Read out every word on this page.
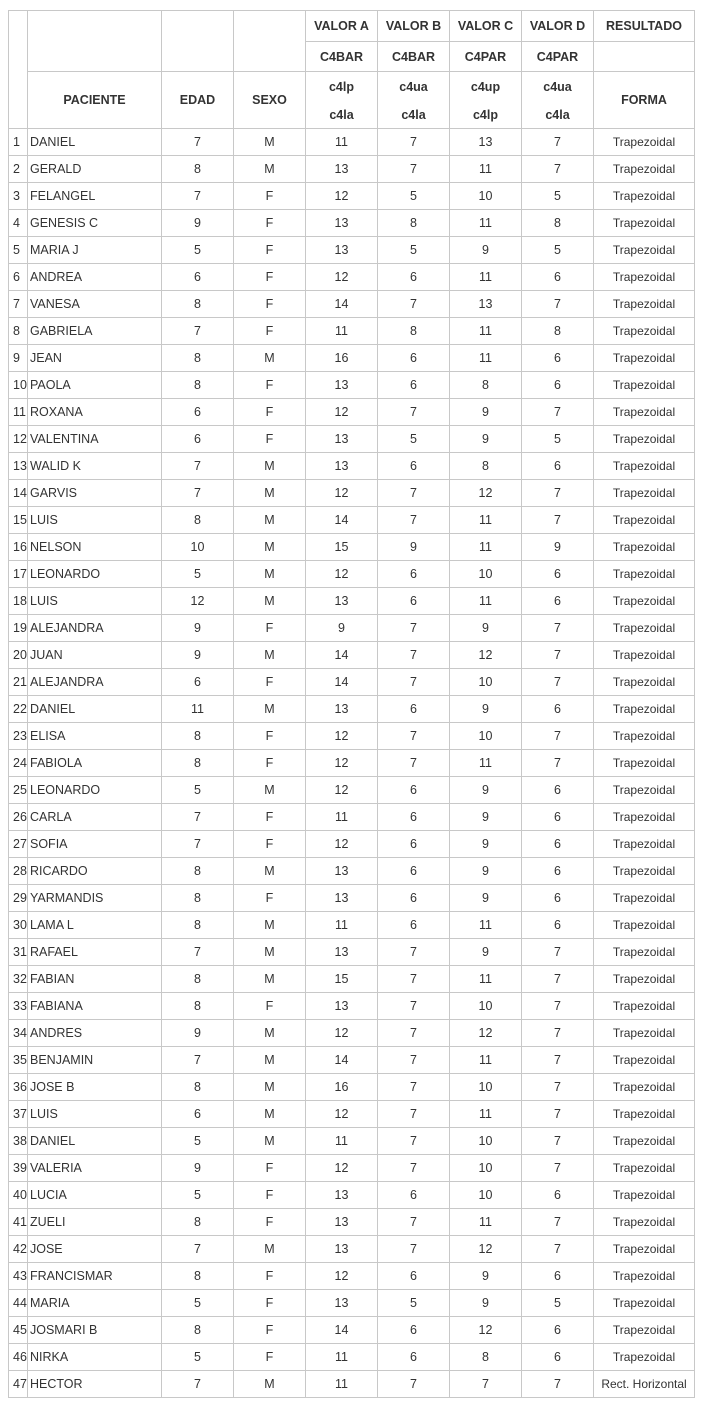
				VALOR A	VALOR B	VALOR C	VALOR D	RESULTADO
				C4BAR	C4BAR	C4PAR	C4PAR	
	PACIENTE	EDAD	SEXO	c4lp	c4ua	c4up	c4ua	FORMA
				c4la	c4la	c4lp	c4la	
1	DANIEL	7	M	11	7	13	7	Trapezoidal
2	GERALD	8	M	13	7	11	7	Trapezoidal
3	FELANGEL	7	F	12	5	10	5	Trapezoidal
4	GENESIS C	9	F	13	8	11	8	Trapezoidal
5	MARIA J	5	F	13	5	9	5	Trapezoidal
6	ANDREA	6	F	12	6	11	6	Trapezoidal
7	VANESA	8	F	14	7	13	7	Trapezoidal
8	GABRIELA	7	F	11	8	11	8	Trapezoidal
9	JEAN	8	M	16	6	11	6	Trapezoidal
10	PAOLA	8	F	13	6	8	6	Trapezoidal
11	ROXANA	6	F	12	7	9	7	Trapezoidal
12	VALENTINA	6	F	13	5	9	5	Trapezoidal
13	WALID K	7	M	13	6	8	6	Trapezoidal
14	GARVIS	7	M	12	7	12	7	Trapezoidal
15	LUIS	8	M	14	7	11	7	Trapezoidal
16	NELSON	10	M	15	9	11	9	Trapezoidal
17	LEONARDO	5	M	12	6	10	6	Trapezoidal
18	LUIS	12	M	13	6	11	6	Trapezoidal
19	ALEJANDRA	9	F	9	7	9	7	Trapezoidal
20	JUAN	9	M	14	7	12	7	Trapezoidal
21	ALEJANDRA	6	F	14	7	10	7	Trapezoidal
22	DANIEL	11	M	13	6	9	6	Trapezoidal
23	ELISA	8	F	12	7	10	7	Trapezoidal
24	FABIOLA	8	F	12	7	11	7	Trapezoidal
25	LEONARDO	5	M	12	6	9	6	Trapezoidal
26	CARLA	7	F	11	6	9	6	Trapezoidal
27	SOFIA	7	F	12	6	9	6	Trapezoidal
28	RICARDO	8	M	13	6	9	6	Trapezoidal
29	YARMANDIS	8	F	13	6	9	6	Trapezoidal
30	LAMA L	8	M	11	6	11	6	Trapezoidal
31	RAFAEL	7	M	13	7	9	7	Trapezoidal
32	FABIAN	8	M	15	7	11	7	Trapezoidal
33	FABIANA	8	F	13	7	10	7	Trapezoidal
34	ANDRES	9	M	12	7	12	7	Trapezoidal
35	BENJAMIN	7	M	14	7	11	7	Trapezoidal
36	JOSE B	8	M	16	7	10	7	Trapezoidal
37	LUIS	6	M	12	7	11	7	Trapezoidal
38	DANIEL	5	M	11	7	10	7	Trapezoidal
39	VALERIA	9	F	12	7	10	7	Trapezoidal
40	LUCIA	5	F	13	6	10	6	Trapezoidal
41	ZUELI	8	F	13	7	11	7	Trapezoidal
42	JOSE	7	M	13	7	12	7	Trapezoidal
43	FRANCISMAR	8	F	12	6	9	6	Trapezoidal
44	MARIA	5	F	13	5	9	5	Trapezoidal
45	JOSMARI B	8	F	14	6	12	6	Trapezoidal
46	NIRKA	5	F	11	6	8	6	Trapezoidal
47	HECTOR	7	M	11	7	7	7	Rect. Horizontal
